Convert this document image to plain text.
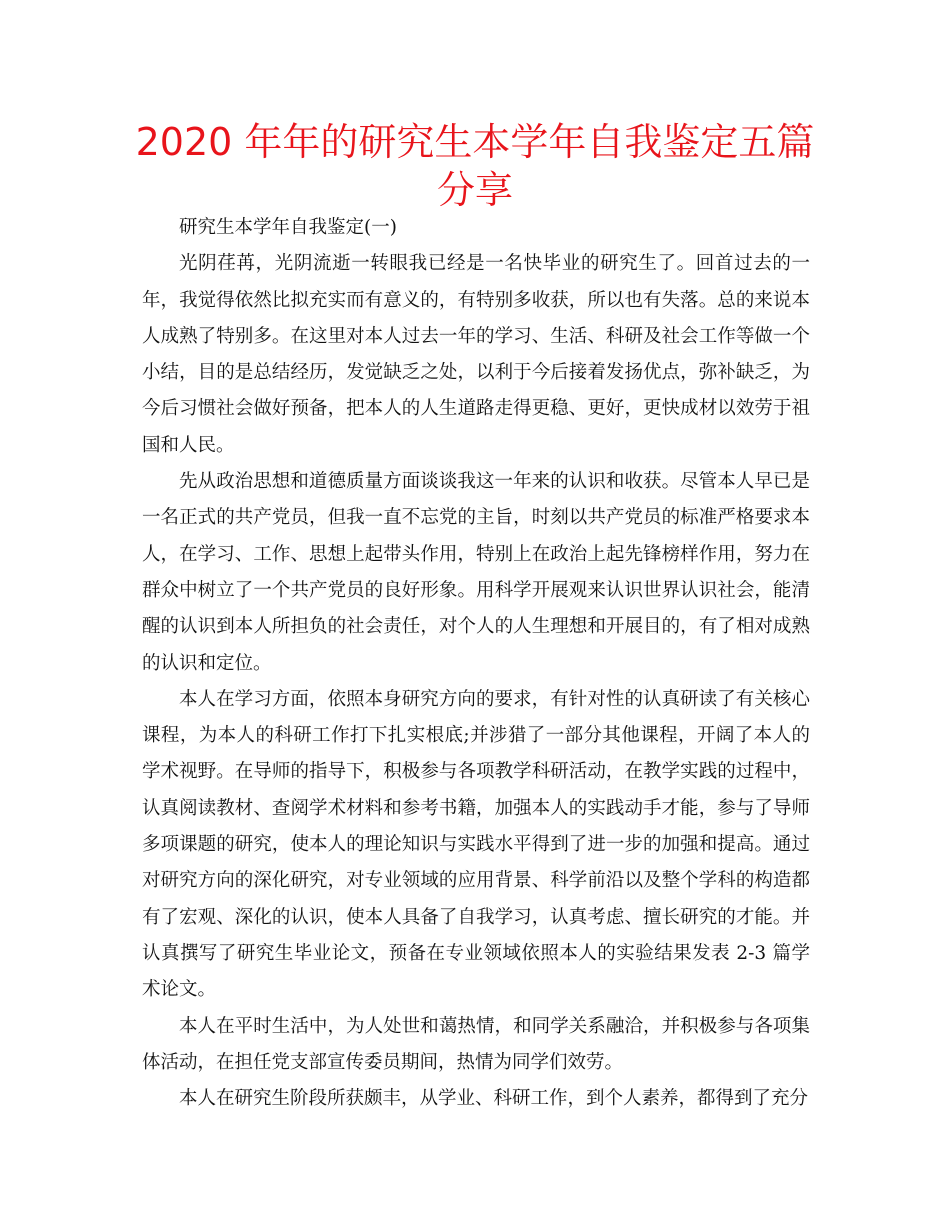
2020 年年的研究生本学年自我鉴定五篇分享

研究生本学年自我鉴定(一)

光阴荏苒，光阴流逝一转眼我已经是一名快毕业的研究生了。回首过去的一年，我觉得依然比拟充实而有意义的，有特别多收获，所以也有失落。总的来说本人成熟了特别多。在这里对本人过去一年的学习、生活、科研及社会工作等做一个小结，目的是总结经历，发觉缺乏之处，以利于今后接着发扬优点，弥补缺乏，为今后习惯社会做好预备，把本人的人生道路走得更稳、更好，更快成材以效劳于祖国和人民。

先从政治思想和道德质量方面谈谈我这一年来的认识和收获。尽管本人早已是一名正式的共产党员，但我一直不忘党的主旨，时刻以共产党员的标准严格要求本人，在学习、工作、思想上起带头作用，特别上在政治上起先锋榜样作用，努力在群众中树立了一个共产党员的良好形象。用科学开展观来认识世界认识社会，能清醒的认识到本人所担负的社会责任，对个人的人生理想和开展目的，有了相对成熟的认识和定位。

本人在学习方面，依照本身研究方向的要求，有针对性的认真研读了有关核心课程，为本人的科研工作打下扎实根底;并涉猎了一部分其他课程，开阔了本人的学术视野。在导师的指导下，积极参与各项教学科研活动，在教学实践的过程中，认真阅读教材、查阅学术材料和参考书籍，加强本人的实践动手才能，参与了导师多项课题的研究，使本人的理论知识与实践水平得到了进一步的加强和提高。通过对研究方向的深化研究，对专业领域的应用背景、科学前沿以及整个学科的构造都有了宏观、深化的认识，使本人具备了自我学习，认真考虑、擅长研究的才能。并认真撰写了研究生毕业论文，预备在专业领域依照本人的实验结果发表 2-3 篇学术论文。

本人在平时生活中，为人处世和蔼热情，和同学关系融洽，并积极参与各项集体活动，在担任党支部宣传委员期间，热情为同学们效劳。

本人在研究生阶段所获颇丰，从学业、科研工作，到个人素养，都得到了充分
